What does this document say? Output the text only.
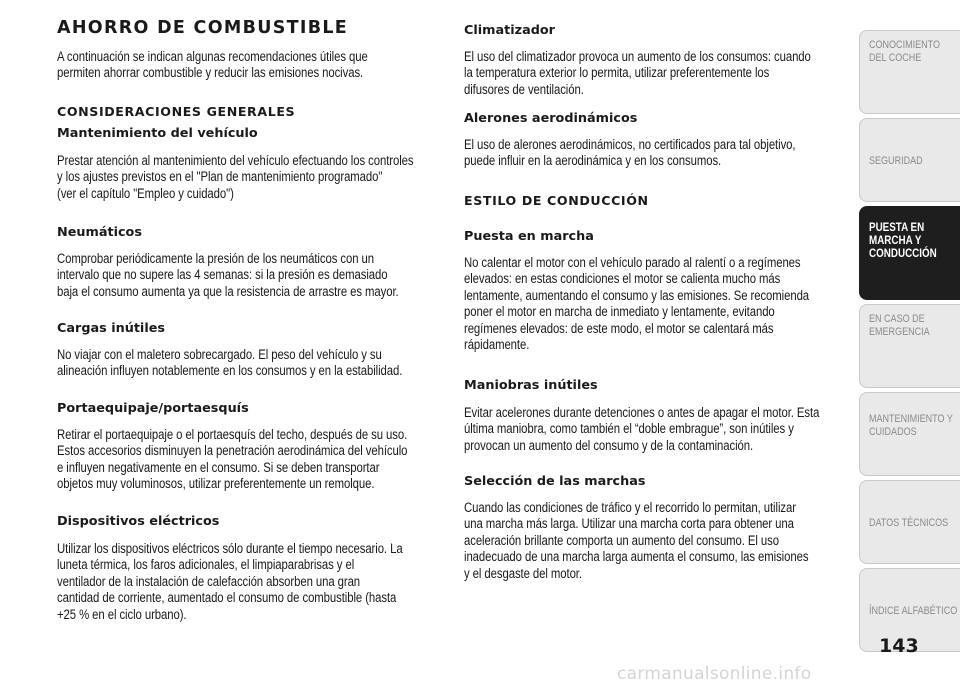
AHORRO DE COMBUSTIBLE
A continuación se indican algunas recomendaciones útiles que
permiten ahorrar combustible y reducir las emisiones nocivas.
CONSIDERACIONES GENERALES
Mantenimiento del vehículo
Prestar atención al mantenimiento del vehículo efectuando los controles
y los ajustes previstos en el "Plan de mantenimiento programado"
(ver el capítulo "Empleo y cuidado")
Neumáticos
Comprobar periódicamente la presión de los neumáticos con un
intervalo que no supere las 4 semanas: si la presión es demasiado
baja el consumo aumenta ya que la resistencia de arrastre es mayor.
Cargas inútiles
No viajar con el maletero sobrecargado. El peso del vehículo y su
alineación influyen notablemente en los consumos y en la estabilidad.
Portaequipaje/portaesquís
Retirar el portaequipaje o el portaesquís del techo, después de su uso.
Estos accesorios disminuyen la penetración aerodinámica del vehículo
e influyen negativamente en el consumo. Si se deben transportar
objetos muy voluminosos, utilizar preferentemente un remolque.
Dispositivos eléctricos
Utilizar los dispositivos eléctricos sólo durante el tiempo necesario. La
luneta térmica, los faros adicionales, el limpiaparabrisas y el
ventilador de la instalación de calefacción absorben una gran
cantidad de corriente, aumentado el consumo de combustible (hasta
+25 % en el ciclo urbano).
Climatizador
El uso del climatizador provoca un aumento de los consumos: cuando
la temperatura exterior lo permita, utilizar preferentemente los
difusores de ventilación.
Alerones aerodinámicos
El uso de alerones aerodinámicos, no certificados para tal objetivo,
puede influir en la aerodinámica y en los consumos.
ESTILO DE CONDUCCIÓN
Puesta en marcha
No calentar el motor con el vehículo parado al ralentí o a regímenes
elevados: en estas condiciones el motor se calienta mucho más
lentamente, aumentando el consumo y las emisiones. Se recomienda
poner el motor en marcha de inmediato y lentamente, evitando
regímenes elevados: de este modo, el motor se calentará más
rápidamente.
Maniobras inútiles
Evitar acelerones durante detenciones o antes de apagar el motor. Esta
última maniobra, como también el “doble embrague”, son inútiles y
provocan un aumento del consumo y de la contaminación.
Selección de las marchas
Cuando las condiciones de tráfico y el recorrido lo permitan, utilizar
una marcha más larga. Utilizar una marcha corta para obtener una
aceleración brillante comporta un aumento del consumo. El uso
inadecuado de una marcha larga aumenta el consumo, las emisiones
y el desgaste del motor.
CONOCIMIENTO DEL COCHE
SEGURIDAD
PUESTA EN MARCHA Y CONDUCCIÓN
EN CASO DE EMERGENCIA
MANTENIMIENTO Y CUIDADOS
DATOS TÉCNICOS
ÍNDICE ALFABÉTICO
143
carmanualsonline.info
